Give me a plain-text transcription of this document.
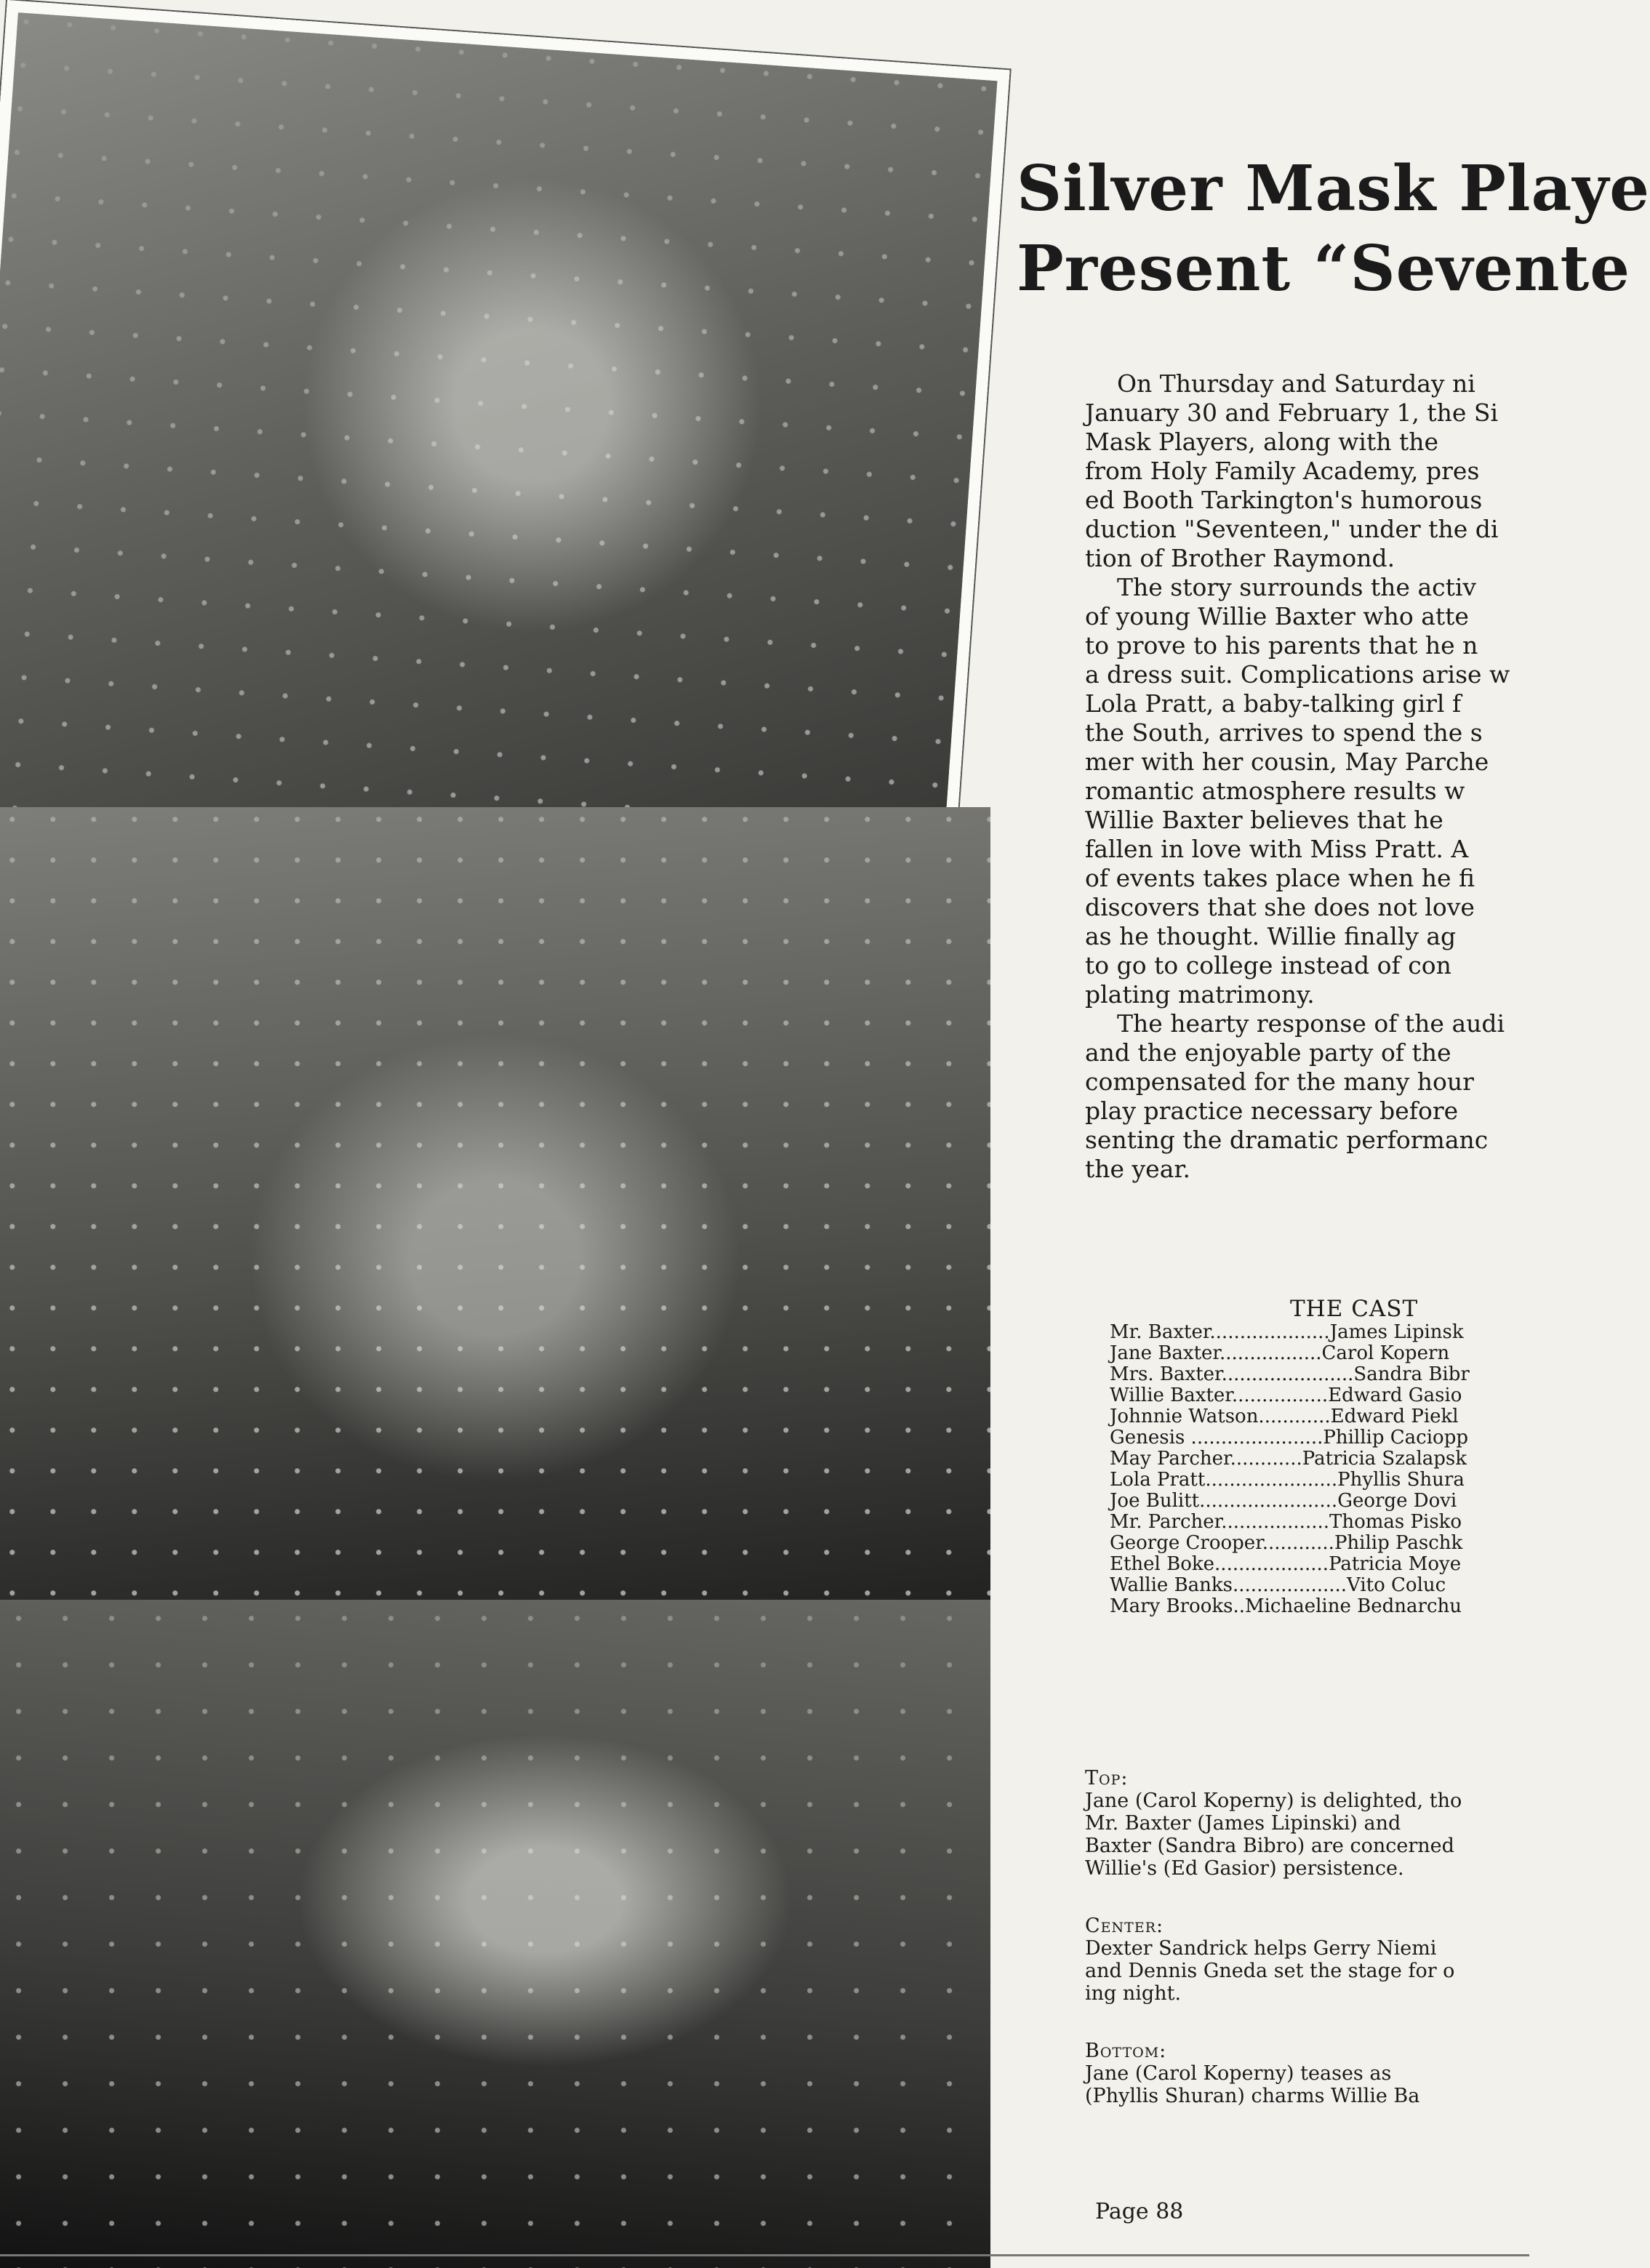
Silver Mask Playe
Present “Sevente

On Thursday and Saturday ni

January 30 and February 1, the Si
Mask Players, along with the
from Holy Family Academy, pres
ed Booth Tarkington's humorous
duction "Seventeen," under the di
tion of Brother Raymond.

The story surrounds the activ

of young Willie Baxter who atte
to prove to his parents that he n
a dress suit. Complications arise w
Lola Pratt, a baby-talking girl f
the South, arrives to spend the s
mer with her cousin, May Parche
romantic atmosphere results w
Willie Baxter believes that he
fallen in love with Miss Pratt. A
of events takes place when he fi
discovers that she does not love
as he thought. Willie finally ag
to go to college instead of con
plating matrimony.

The hearty response of the audi

and the enjoyable party of the
compensated for the many hour
play practice necessary before
senting the dramatic performanc
the year.
THE CAST
Mr. Baxter....................James Lipinsk
Jane Baxter.................Carol Kopern
Mrs. Baxter......................Sandra Bibr
Willie Baxter................Edward Gasio
Johnnie Watson............Edward Piekl
Genesis ......................Phillip Caciopp
May Parcher............Patricia Szalapsk
Lola Pratt......................Phyllis Shura
Joe Bulitt.......................George Dovi
Mr. Parcher..................Thomas Pisko
George Crooper............Philip Paschk
Ethel Boke...................Patricia Moye
Wallie Banks...................Vito Coluc
Mary Brooks..Michaeline Bednarchu
Top:
Jane (Carol Koperny) is delighted, tho
Mr. Baxter (James Lipinski) and
Baxter (Sandra Bibro) are concerned
Willie's (Ed Gasior) persistence.
Center:
Dexter Sandrick helps Gerry Niemi
and Dennis Gneda set the stage for o
ing night.
Bottom:
Jane (Carol Koperny) teases as
(Phyllis Shuran) charms Willie Ba
Page 88
